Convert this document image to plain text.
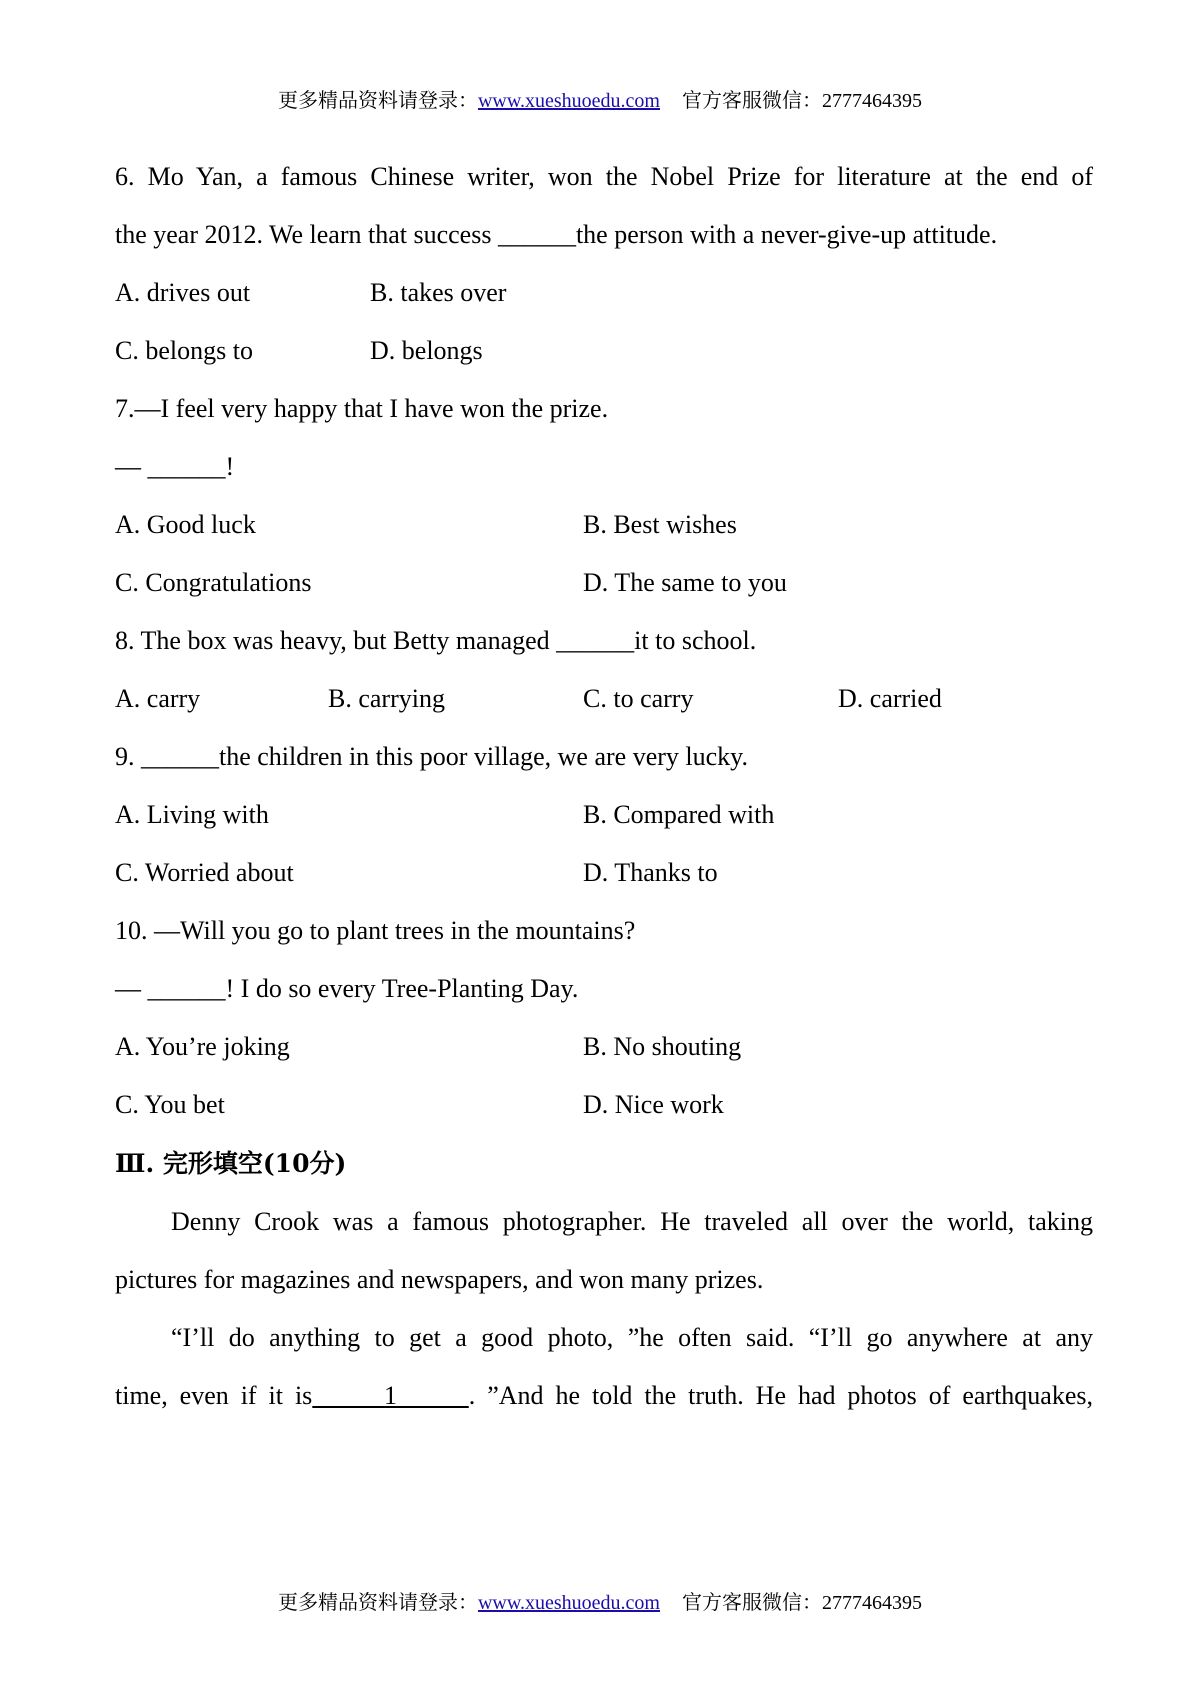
更多精品资料请登录：www.xueshuoedu.com 官方客服微信：2777464395
6. Mo Yan, a famous Chinese writer, won the Nobel Prize for literature at the end of
the year 2012. We learn that success ______the person with a never-give-up attitude.
A. drives out	B. takes over
C. belongs to	D. belongs
7.—I feel very happy that I have won the prize.
— ______!
A. Good luck	B. Best wishes
C. Congratulations	D. The same to you
8. The box was heavy, but Betty managed ______it to school.
A. carry	B. carrying	C. to carry	D. carried
9. ______the children in this poor village, we are very lucky.
A. Living with	B. Compared with
C. Worried about	D. Thanks to
10. —Will you go to plant trees in the mountains?
— ______! I do so every Tree-Planting Day.
A. You’re joking	B. No shouting
C. You bet	D. Nice work
Ⅲ. 完形填空(10分)
Denny Crook was a famous photographer. He traveled all over the world, taking
pictures for magazines and newspapers, and won many prizes.
“I’ll do anything to get a good photo, ”he often said. “I’ll go anywhere at any
time, even if it is      1      . ”And he told the truth. He had photos of earthquakes,
更多精品资料请登录：www.xueshuoedu.com 官方客服微信：2777464395
